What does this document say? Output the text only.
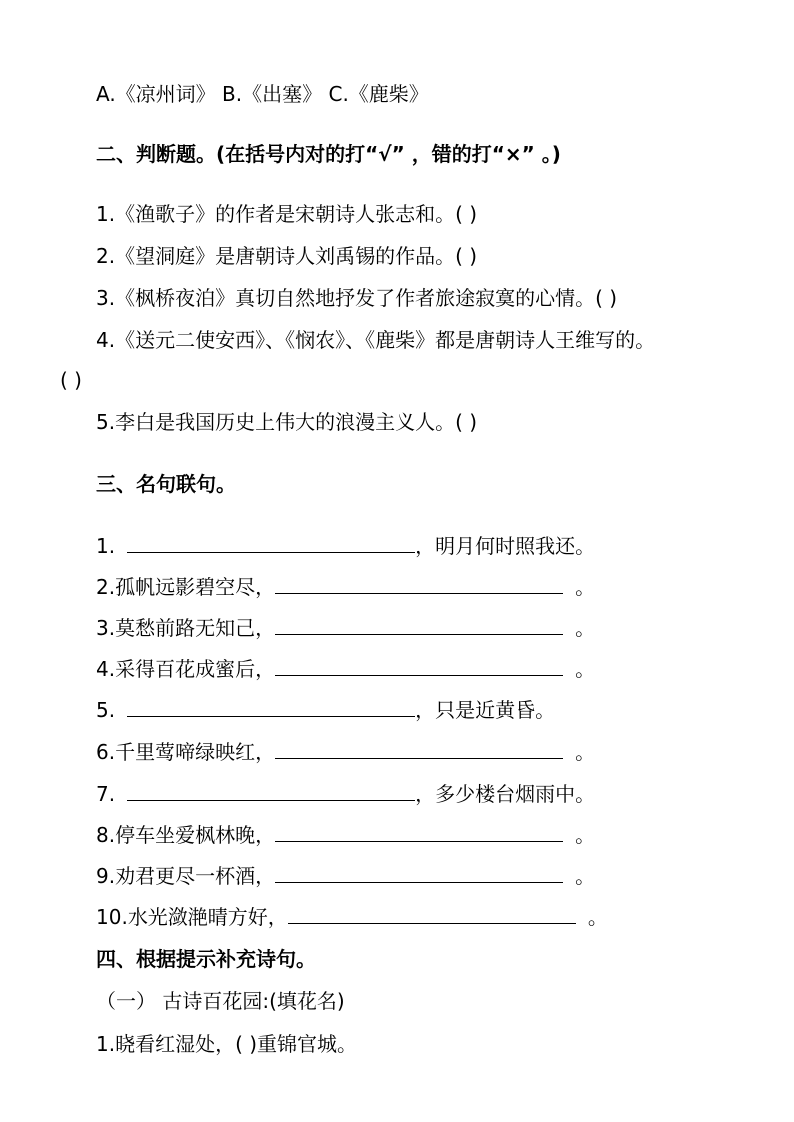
A.《凉州词》 B.《出塞》 C.《鹿柴》
二、判断题。(在括号内对的打“√” ，错的打“×” 。)
1.《渔歌子》的作者是宋朝诗人张志和。( )
2.《望洞庭》是唐朝诗人刘禹锡的作品。( )
3.《枫桥夜泊》真切自然地抒发了作者旅途寂寞的心情。( )
4.《送元二使安西》、《悯农》、《鹿柴》都是唐朝诗人王维写的。
( )
5.李白是我国历史上伟大的浪漫主义人。( )
三、名句联句。
1.	，明月何时照我还。
2.孤帆远影碧空尽，	。
3.莫愁前路无知己，	。
4.采得百花成蜜后，	。
5.	，只是近黄昏。
6.千里莺啼绿映红，	。
7.	，多少楼台烟雨中。
8.停车坐爱枫林晚，	。
9.劝君更尽一杯酒，	。
10.水光潋滟晴方好，	。
四、根据提示补充诗句。
（一） 古诗百花园:(填花名)
1.晓看红湿处，( )重锦官城。
